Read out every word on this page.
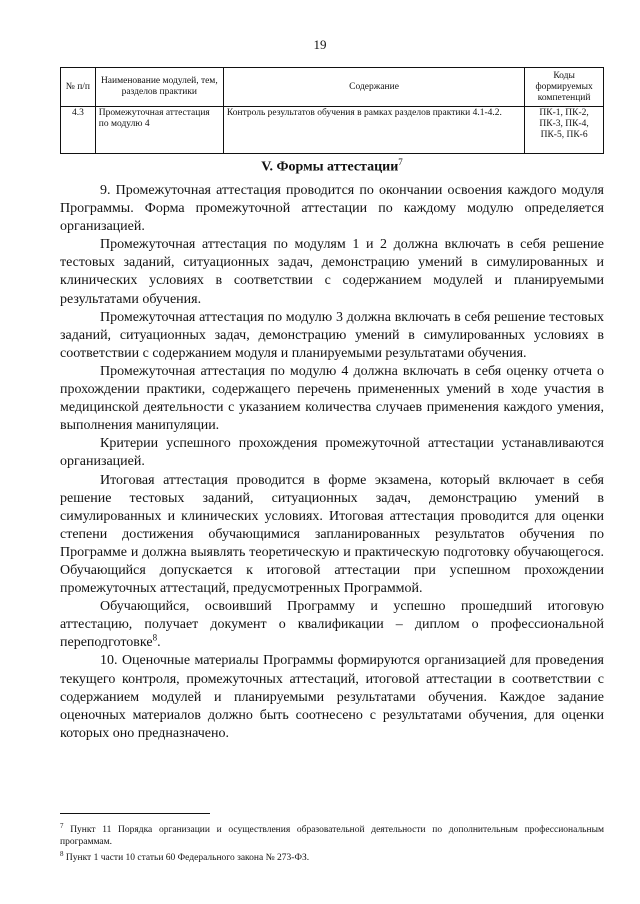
19
№ п/п	Наименование модулей, тем, разделов практики	Содержание	Коды формируемых компетенций
4.3	Промежуточная аттестация по модулю 4	Контроль результатов обучения в рамках разделов практики 4.1-4.2.	ПК-1, ПК-2, ПК-3, ПК-4, ПК-5, ПК-6
V. Формы аттестации$^7$

9. Промежуточная аттестация проводится по окончании освоения каждого модуля Программы. Форма промежуточной аттестации по каждому модулю определяется организацией.

Промежуточная аттестация по модулям 1 и 2 должна включать в себя решение тестовых заданий, ситуационных задач, демонстрацию умений в симулированных и клинических условиях в соответствии с содержанием модулей и планируемыми результатами обучения.

Промежуточная аттестация по модулю 3 должна включать в себя решение тестовых заданий, ситуационных задач, демонстрацию умений в симулированных условиях в соответствии с содержанием модуля и планируемыми результатами обучения.

Промежуточная аттестация по модулю 4 должна включать в себя оценку отчета о прохождении практики, содержащего перечень примененных умений в ходе участия в медицинской деятельности с указанием количества случаев применения каждого умения, выполнения манипуляции.

Критерии успешного прохождения промежуточной аттестации устанавливаются организацией.

Итоговая аттестация проводится в форме экзамена, который включает в себя решение тестовых заданий, ситуационных задач, демонстрацию умений в симулированных и клинических условиях. Итоговая аттестация проводится для оценки степени достижения обучающимися запланированных результатов обучения по Программе и должна выявлять теоретическую и практическую подготовку обучающегося. Обучающийся допускается к итоговой аттестации при успешном прохождении промежуточных аттестаций, предусмотренных Программой.

Обучающийся, освоивший Программу и успешно прошедший итоговую аттестацию, получает документ о квалификации – диплом о профессиональной переподготовке$^8$.

10. Оценочные материалы Программы формируются организацией для проведения текущего контроля, промежуточных аттестаций, итоговой аттестации в соответствии с содержанием модулей и планируемыми результатами обучения. Каждое задание оценочных материалов должно быть соотнесено с результатами обучения, для оценки которых оно предназначено.

$^7$ Пункт 11 Порядка организации и осуществления образовательной деятельности по дополнительным профессиональным программам.

$^8$ Пункт 1 части 10 статьи 60 Федерального закона № 273-ФЗ.
